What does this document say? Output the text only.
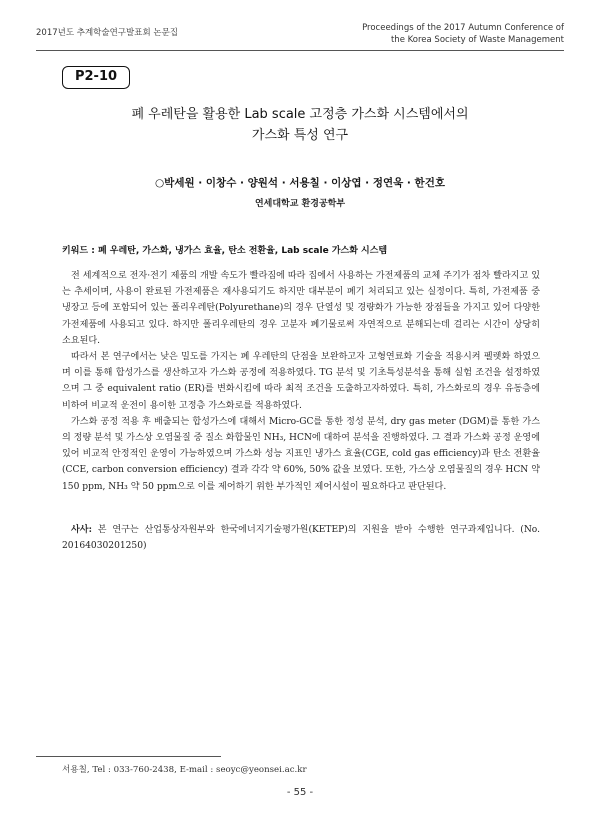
2017년도 추계학술연구발표회 논문집	Proceedings of the 2017 Autumn Conference of
the Korea Society of Waste Management
P2-10
폐 우레탄을 활용한 Lab scale 고정층 가스화 시스템에서의
가스화 특성 연구
○박세원 · 이창수 · 양원석 · 서용칠 · 이상엽 · 정연욱 · 한건호
연세대학교 환경공학부
키워드 : 폐 우레탄, 가스화, 냉가스 효율, 탄소 전환율, Lab scale 가스화 시스템

전 세계적으로 전자·전기 제품의 개발 속도가 빨라짐에 따라 집에서 사용하는 가전제품의 교체 주기가 점차 빨라지고 있는 추세이며, 사용이 완료된 가전제품은 재사용되기도 하지만 대부분이 폐기 처리되고 있는 실정이다. 특히, 가전제품 중 냉장고 등에 포함되어 있는 폴리우레탄(Polyurethane)의 경우 단열성 및 경량화가 가능한 장점들을 가지고 있어 다양한 가전제품에 사용되고 있다. 하지만 폴리우레탄의 경우 고분자 폐기물로써 자연적으로 분해되는데 걸리는 시간이 상당히 소요된다.

따라서 본 연구에서는 낮은 밀도를 가지는 폐 우레탄의 단점을 보완하고자 고형연료화 기술을 적용시켜 펠렛화 하였으며 이를 통해 합성가스를 생산하고자 가스화 공정에 적용하였다. TG 분석 및 기초특성분석을 통해 실험 조건을 설정하였으며 그 중 equivalent ratio (ER)를 변화시킴에 따라 최적 조건을 도출하고자하였다. 특히, 가스화로의 경우 유동층에 비하여 비교적 운전이 용이한 고정층 가스화로를 적용하였다.

가스화 공정 적용 후 배출되는 합성가스에 대해서 Micro-GC를 통한 정성 분석, dry gas meter (DGM)를 통한 가스의 정량 분석 및 가스상 오염물질 중 질소 화합물인 NH₃, HCN에 대하여 분석을 진행하였다. 그 결과 가스화 공정 운영에 있어 비교적 안정적인 운영이 가능하였으며 가스화 성능 지표인 냉가스 효율(CGE, cold gas efficiency)과 탄소 전환율 (CCE, carbon conversion efficiency) 결과 각각 약 60%, 50% 값을 보였다. 또한, 가스상 오염물질의 경우 HCN 약 150 ppm, NH₃ 약 50 ppm으로 이를 제어하기 위한 부가적인 제어시설이 필요하다고 판단된다.

사사: 본 연구는 산업통상자원부와 한국에너지기술평가원(KETEP)의 지원을 받아 수행한 연구과제입니다. (No. 20164030201250)
서용칠, Tel : 033-760-2438, E-mail : seoyc@yeonsei.ac.kr
- 55 -
